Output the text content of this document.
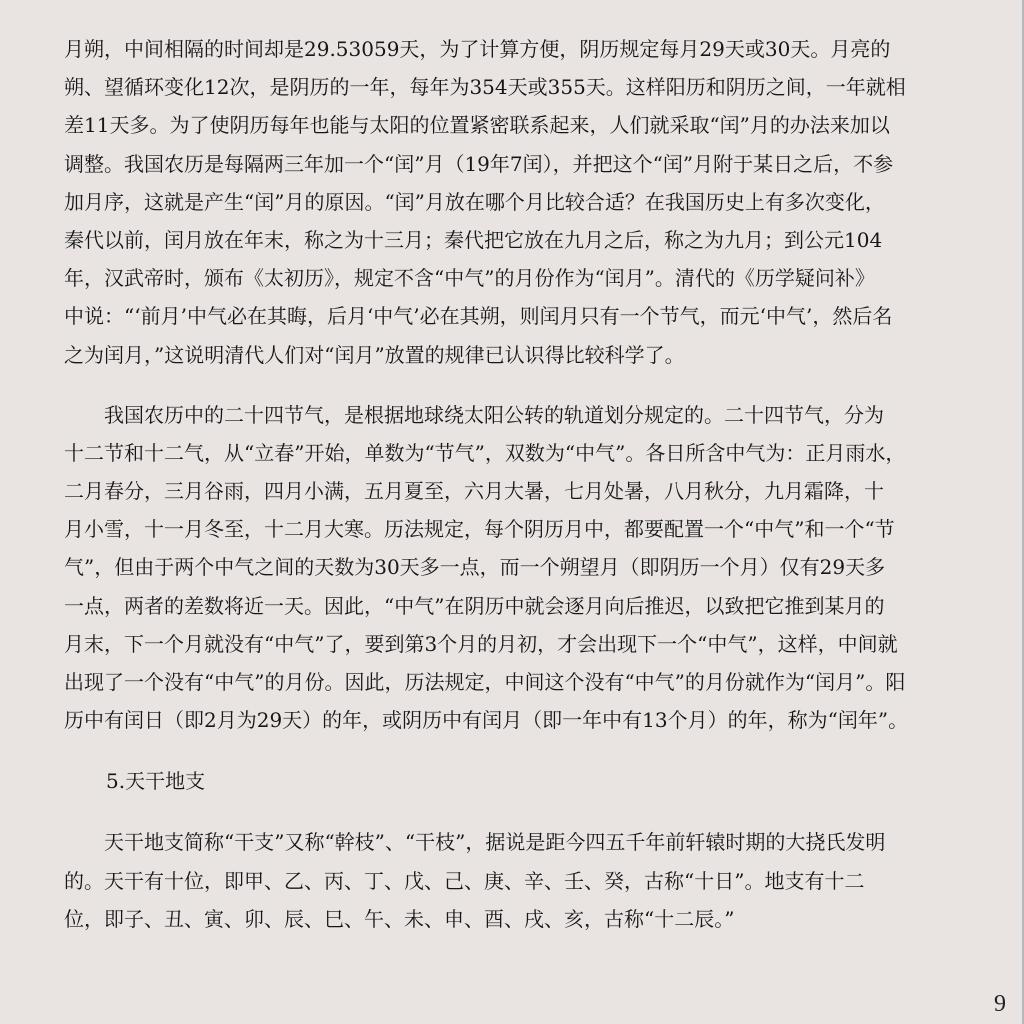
月朔，中间相隔的时间却是29.53059天，为了计算方便，阴历规定每月29天或30天。月亮的
朔、望循环变化12次，是阴历的一年，每年为354天或355天。这样阳历和阴历之间，一年就相
差11天多。为了使阴历每年也能与太阳的位置紧密联系起来，人们就采取“闰”月的办法来加以
调整。我国农历是每隔两三年加一个“闰”月（19年7闰），并把这个“闰”月附于某日之后，不参
加月序，这就是产生“闰”月的原因。“闰”月放在哪个月比较合适？在我国历史上有多次变化，
秦代以前，闰月放在年末，称之为十三月；秦代把它放在九月之后，称之为九月；到公元104
年，汉武帝时，颁布《太初历》，规定不含“中气”的月份作为“闰月”。清代的《历学疑问补》
中说：“‘前月’中气必在其晦，后月‘中气’必在其朔，则闰月只有一个节气，而元‘中气’，然后名
之为闰月，”这说明清代人们对“闰月”放置的规律已认识得比较科学了。
　　我国农历中的二十四节气，是根据地球绕太阳公转的轨道划分规定的。二十四节气，分为
十二节和十二气，从“立春”开始，单数为“节气”，双数为“中气”。各日所含中气为：正月雨水，
二月春分，三月谷雨，四月小满，五月夏至，六月大暑，七月处暑，八月秋分，九月霜降，十
月小雪，十一月冬至，十二月大寒。历法规定，每个阴历月中，都要配置一个“中气”和一个“节
气”，但由于两个中气之间的天数为30天多一点，而一个朔望月（即阴历一个月）仅有29天多
一点，两者的差数将近一天。因此，“中气”在阴历中就会逐月向后推迟，以致把它推到某月的
月末，下一个月就没有“中气”了，要到第3个月的月初，才会出现下一个“中气”，这样，中间就
出现了一个没有“中气”的月份。因此，历法规定，中间这个没有“中气”的月份就作为“闰月”。阳
历中有闰日（即2月为29天）的年，或阴历中有闰月（即一年中有13个月）的年，称为“闰年”。
5.天干地支
　　天干地支简称“干支”又称“幹枝”、“干枝”，据说是距今四五千年前轩辕时期的大挠氏发明
的。天干有十位，即甲、乙、丙、丁、戊、己、庚、辛、壬、癸，古称“十日”。地支有十二
位，即子、丑、寅、卯、辰、巳、午、未、申、酉、戌、亥，古称“十二辰。”
9
